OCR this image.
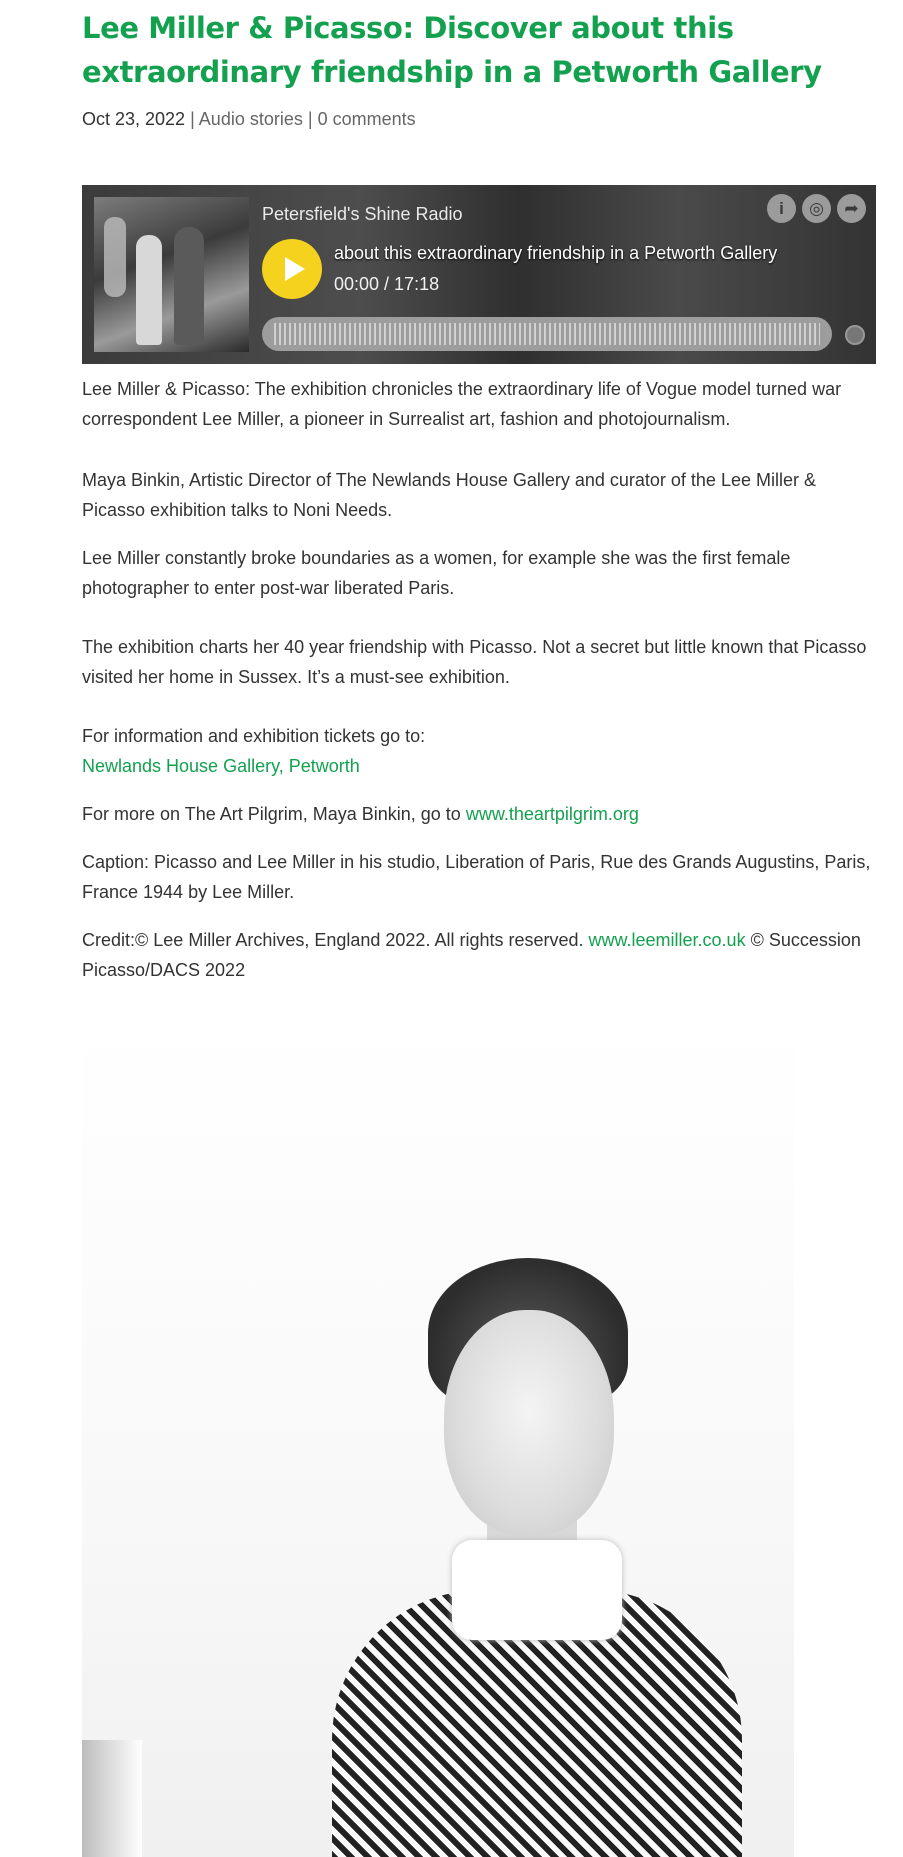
Lee Miller & Picasso: Discover about this extraordinary friendship in a Petworth Gallery
Oct 23, 2022 | Audio stories | 0 comments
Petersfield's Shine Radio	i	◎	➦
about this extraordinary friendship in a Petworth Gallery
00:00 / 17:18

Lee Miller & Picasso: The exhibition chronicles the extraordinary life of Vogue model turned war correspondent Lee Miller, a pioneer in Surrealist art, fashion and photojournalism.

Maya Binkin, Artistic Director of The Newlands House Gallery and curator of the Lee Miller & Picasso exhibition talks to Noni Needs.

Lee Miller constantly broke boundaries as a women, for example she was the first female photographer to enter post-war liberated Paris.

The exhibition charts her 40 year friendship with Picasso. Not a secret but little known that Picasso visited her home in Sussex. It’s a must-see exhibition.

For information and exhibition tickets go to:
Newlands House Gallery, Petworth

For more on The Art Pilgrim, Maya Binkin, go to www.theartpilgrim.org

Caption: Picasso and Lee Miller in his studio, Liberation of Paris, Rue des Grands Augustins, Paris, France 1944 by Lee Miller.

Credit:© Lee Miller Archives, England 2022. All rights reserved. www.leemiller.co.uk © Succession Picasso/DACS 2022
